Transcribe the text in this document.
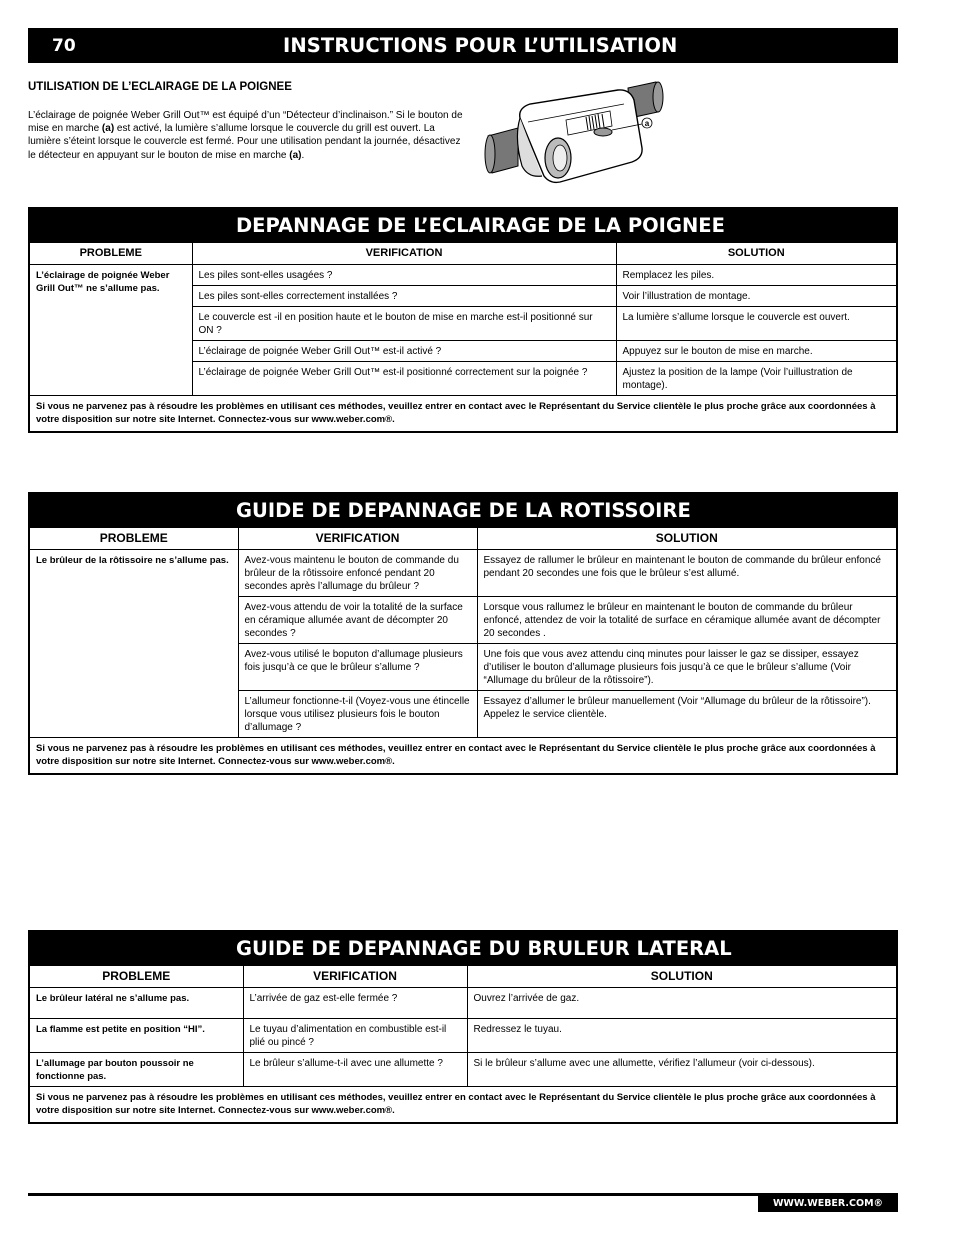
70	INSTRUCTIONS POUR L’UTILISATION
UTILISATION DE L’ECLAIRAGE DE LA POIGNEE
L’éclairage de poignée Weber Grill Out™ est équipé d’un “Détecteur d’inclinaison.” Si le bouton de mise en marche (a) est activé, la lumière s’allume lorsque le couvercle du grill est ouvert. La lumière s’éteint lorsque le couvercle est fermé. Pour une utilisation pendant la journée, désactivez le détecteur en appuyant sur le bouton de mise en marche (a).
a
DEPANNAGE DE L’ECLAIRAGE DE LA POIGNEE
PROBLEME	VERIFICATION	SOLUTION
L’éclairage de poignée Weber Grill Out™ ne s’allume pas.	Les piles sont-elles usagées ?	Remplacez les piles.
	Les piles sont-elles correctement installées ?	Voir l’illustration de montage.
	Le couvercle est -il en position haute et le bouton de mise en marche est-il positionné sur ON ?	La lumière s’allume lorsque le couvercle est ouvert.
	L’éclairage de poignée Weber Grill Out™ est-il activé ?	Appuyez sur le bouton de mise en marche.
	L’éclairage de poignée Weber Grill Out™ est-il positionné correctement sur la poignée ?	Ajustez la position de la lampe (Voir l’uillustration de montage).
Si vous ne parvenez pas à résoudre les problèmes en utilisant ces méthodes, veuillez entrer en contact avec le Représentant du Service clientèle le plus proche grâce aux coordonnées à votre disposition sur notre site Internet. Connectez-vous sur www.weber.com®.		
GUIDE DE DEPANNAGE DE LA ROTISSOIRE
PROBLEME	VERIFICATION	SOLUTION
Le brûleur de la rôtissoire ne s’allume pas.	Avez-vous maintenu le bouton de commande du brûleur de la rôtissoire enfoncé pendant 20 secondes après l’allumage du brûleur ?	Essayez de rallumer le brûleur en maintenant le bouton de commande du brûleur enfoncé pendant 20 secondes une fois que le brûleur s’est allumé.
	Avez-vous attendu de voir la totalité de la surface en céramique allumée avant de décompter 20 secondes ?	Lorsque vous rallumez le brûleur en maintenant le bouton de commande du brûleur enfoncé, attendez de voir la totalité de surface en céramique allumée avant de décompter 20 secondes .
	Avez-vous utilisé le boputon d’allumage plusieurs fois jusqu’à ce que le brûleur s’allume ?	Une fois que vous avez attendu cinq minutes pour laisser le gaz se dissiper, essayez d’utiliser le bouton d’allumage plusieurs fois jusqu’à ce que le brûleur s’allume (Voir “Allumage du brûleur de la rôtissoire”).
	L’allumeur fonctionne-t-il (Voyez-vous une étincelle lorsque vous utilisez plusieurs fois le bouton d’allumage ?	Essayez d’allumer le brûleur manuellement (Voir “Allumage du brûleur de la rôtissoire”). Appelez le service clientèle.
Si vous ne parvenez pas à résoudre les problèmes en utilisant ces méthodes, veuillez entrer en contact avec le Représentant du Service clientèle le plus proche grâce aux coordonnées à votre disposition sur notre site Internet. Connectez-vous sur www.weber.com®.		
GUIDE DE DEPANNAGE DU BRULEUR LATERAL
PROBLEME	VERIFICATION	SOLUTION
Le brûleur latéral ne s’allume pas.	L’arrivée de gaz est-elle fermée ?	Ouvrez l’arrivée de gaz.
La flamme est petite en position “HI”.	Le tuyau d’alimentation en combustible est-il plié ou pincé ?	Redressez le tuyau.
L’allumage par bouton poussoir ne fonctionne pas.	Le brûleur s’allume-t-il avec une allumette ?	Si le brûleur s’allume avec une allumette, vérifiez l’allumeur (voir ci-dessous).
Si vous ne parvenez pas à résoudre les problèmes en utilisant ces méthodes, veuillez entrer en contact avec le Représentant du Service clientèle le plus proche grâce aux coordonnées à votre disposition sur notre site Internet. Connectez-vous sur www.weber.com®.		
WWW.WEBER.COM®
